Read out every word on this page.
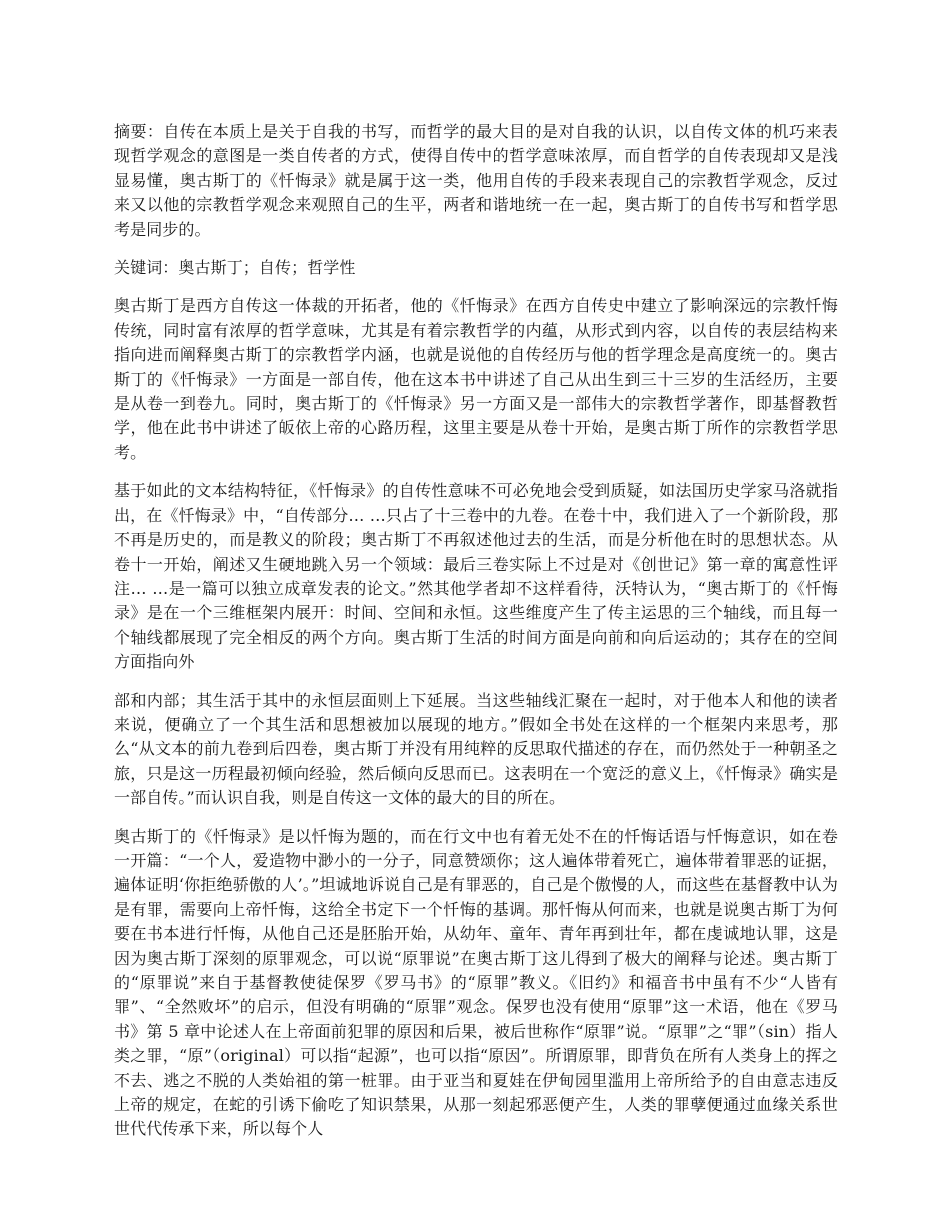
摘要：自传在本质上是关于自我的书写，而哲学的最大目的是对自我的认识，以自传文体的机巧来表现哲学观念的意图是一类自传者的方式，使得自传中的哲学意味浓厚，而自哲学的自传表现却又是浅显易懂，奥古斯丁的《忏悔录》就是属于这一类，他用自传的手段来表现自己的宗教哲学观念，反过来又以他的宗教哲学观念来观照自己的生平，两者和谐地统一在一起，奥古斯丁的自传书写和哲学思考是同步的。

关键词：奥古斯丁；自传；哲学性

奥古斯丁是西方自传这一体裁的开拓者，他的《忏悔录》在西方自传史中建立了影响深远的宗教忏悔传统，同时富有浓厚的哲学意味，尤其是有着宗教哲学的内蕴，从形式到内容，以自传的表层结构来指向进而阐释奥古斯丁的宗教哲学内涵，也就是说他的自传经历与他的哲学理念是高度统一的。奥古斯丁的《忏悔录》一方面是一部自传，他在这本书中讲述了自己从出生到三十三岁的生活经历，主要是从卷一到卷九。同时，奥古斯丁的《忏悔录》另一方面又是一部伟大的宗教哲学著作，即基督教哲学，他在此书中讲述了皈依上帝的心路历程，这里主要是从卷十开始，是奥古斯丁所作的宗教哲学思考。

基于如此的文本结构特征，《忏悔录》的自传性意味不可必免地会受到质疑，如法国历史学家马洛就指出，在《忏悔录》中，“自传部分… …只占了十三卷中的九卷。在卷十中，我们进入了一个新阶段，那不再是历史的，而是教义的阶段；奥古斯丁不再叙述他过去的生活，而是分析他在时的思想状态。从卷十一开始，阐述又生硬地跳入另一个领域：最后三卷实际上不过是对《创世记》第一章的寓意性评注… …是一篇可以独立成章发表的论文。”然其他学者却不这样看待，沃特认为，“奥古斯丁的《忏悔录》是在一个三维框架内展开：时间、空间和永恒。这些维度产生了传主运思的三个轴线，而且每一个轴线都展现了完全相反的两个方向。奥古斯丁生活的时间方面是向前和向后运动的；其存在的空间方面指向外

部和内部；其生活于其中的永恒层面则上下延展。当这些轴线汇聚在一起时，对于他本人和他的读者来说，便确立了一个其生活和思想被加以展现的地方。”假如全书处在这样的一个框架内来思考，那么“从文本的前九卷到后四卷，奥古斯丁并没有用纯粹的反思取代描述的存在，而仍然处于一种朝圣之旅，只是这一历程最初倾向经验，然后倾向反思而已。这表明在一个宽泛的意义上，《忏悔录》确实是一部自传。”而认识自我，则是自传这一文体的最大的目的所在。

奥古斯丁的《忏悔录》是以忏悔为题的，而在行文中也有着无处不在的忏悔话语与忏悔意识，如在卷一开篇：“一个人，爱造物中渺小的一分子，同意赞颂你；这人遍体带着死亡，遍体带着罪恶的证据，遍体证明‘你拒绝骄傲的人’。”坦诚地诉说自己是有罪恶的，自己是个傲慢的人，而这些在基督教中认为是有罪，需要向上帝忏悔，这给全书定下一个忏悔的基调。那忏悔从何而来，也就是说奥古斯丁为何要在书本进行忏悔，从他自己还是胚胎开始，从幼年、童年、青年再到壮年，都在虔诚地认罪，这是因为奥古斯丁深刻的原罪观念，可以说“原罪说”在奥古斯丁这儿得到了极大的阐释与论述。奥古斯丁的“原罪说”来自于基督教使徒保罗《罗马书》的“原罪”教义。《旧约》和福音书中虽有不少“人皆有罪”、“全然败坏”的启示，但没有明确的“原罪”观念。保罗也没有使用“原罪”这一术语，他在《罗马书》第 5 章中论述人在上帝面前犯罪的原因和后果，被后世称作“原罪”说。“原罪”之“罪”（sin）指人类之罪，“原”（original）可以指“起源”，也可以指“原因”。所谓原罪，即背负在所有人类身上的挥之不去、逃之不脱的人类始祖的第一桩罪。由于亚当和夏娃在伊甸园里滥用上帝所给予的自由意志违反上帝的规定，在蛇的引诱下偷吃了知识禁果，从那一刻起邪恶便产生，人类的罪孽便通过血缘关系世世代代传承下来，所以每个人
